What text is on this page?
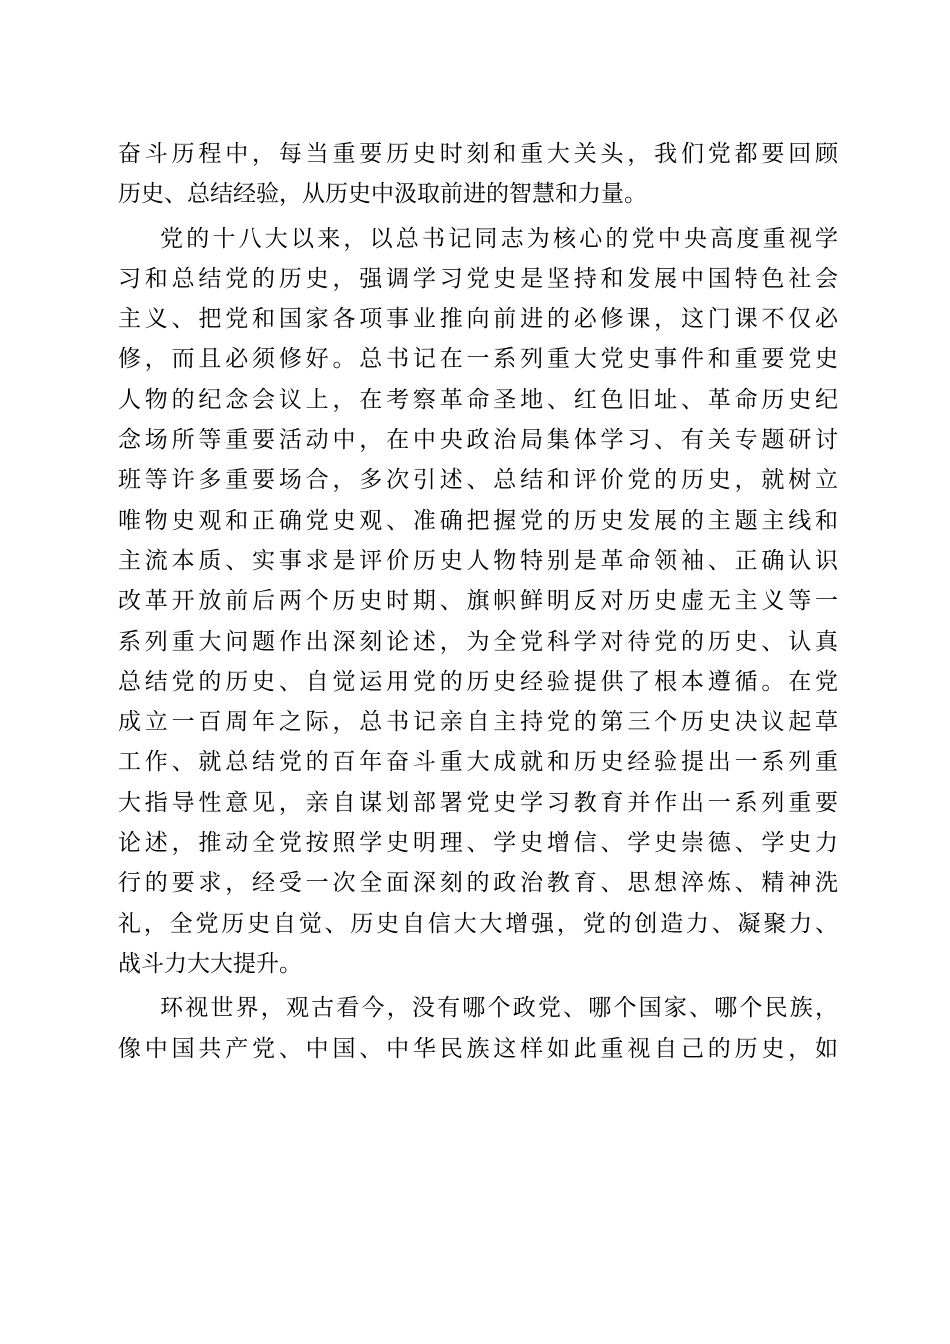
奋斗历程中，每当重要历史时刻和重大关头，我们党都要回顾
历史、总结经验，从历史中汲取前进的智慧和力量。
党的十八大以来，以总书记同志为核心的党中央高度重视学
习和总结党的历史，强调学习党史是坚持和发展中国特色社会
主义、把党和国家各项事业推向前进的必修课，这门课不仅必
修，而且必须修好。总书记在一系列重大党史事件和重要党史
人物的纪念会议上，在考察革命圣地、红色旧址、革命历史纪
念场所等重要活动中，在中央政治局集体学习、有关专题研讨
班等许多重要场合，多次引述、总结和评价党的历史，就树立
唯物史观和正确党史观、准确把握党的历史发展的主题主线和
主流本质、实事求是评价历史人物特别是革命领袖、正确认识
改革开放前后两个历史时期、旗帜鲜明反对历史虚无主义等一
系列重大问题作出深刻论述，为全党科学对待党的历史、认真
总结党的历史、自觉运用党的历史经验提供了根本遵循。在党
成立一百周年之际，总书记亲自主持党的第三个历史决议起草
工作、就总结党的百年奋斗重大成就和历史经验提出一系列重
大指导性意见，亲自谋划部署党史学习教育并作出一系列重要
论述，推动全党按照学史明理、学史增信、学史崇德、学史力
行的要求，经受一次全面深刻的政治教育、思想淬炼、精神洗
礼，全党历史自觉、历史自信大大增强，党的创造力、凝聚力、
战斗力大大提升。
环视世界，观古看今，没有哪个政党、哪个国家、哪个民族，
像中国共产党、中国、中华民族这样如此重视自己的历史，如
